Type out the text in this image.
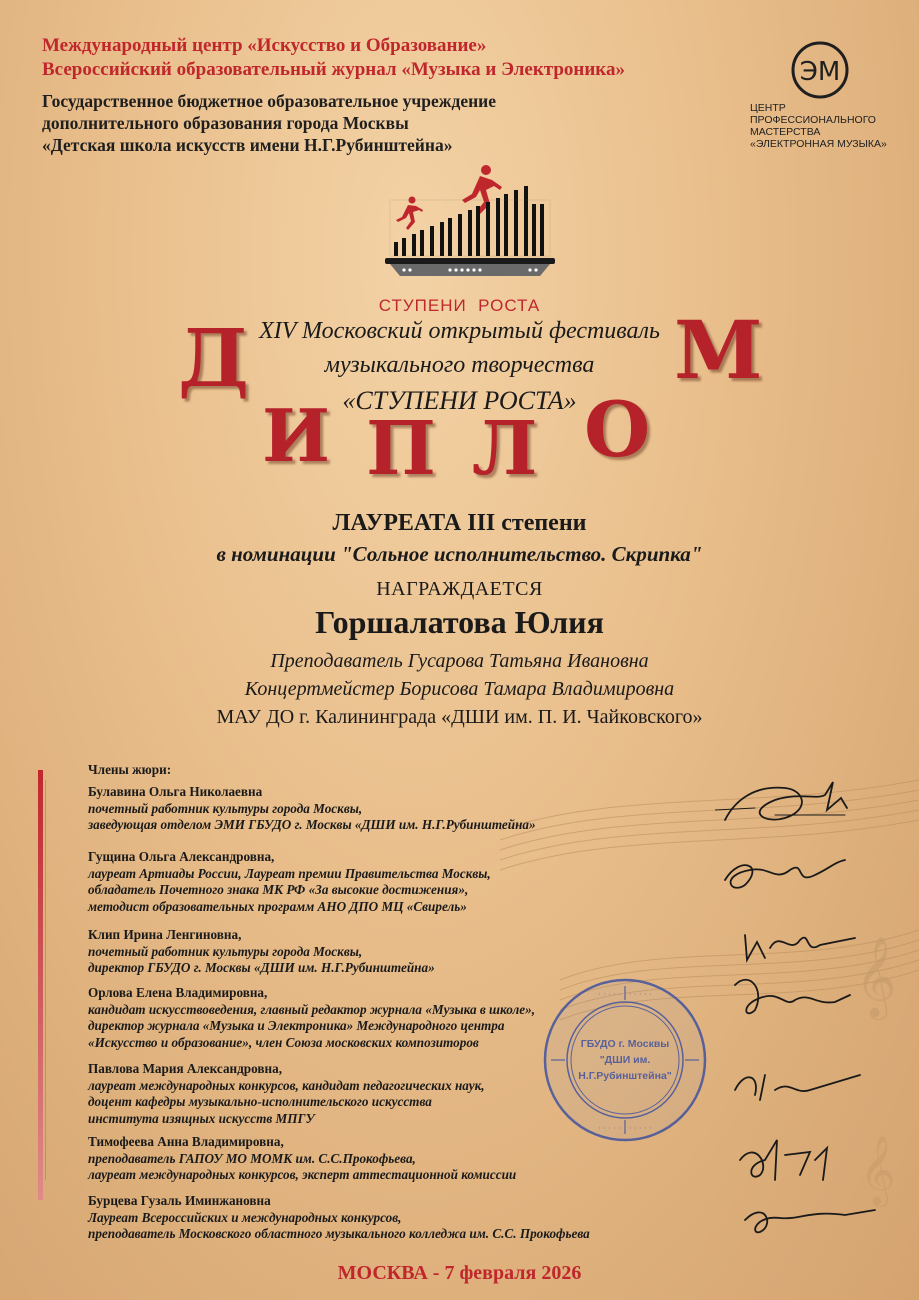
𝄞
𝄞
Международный центр «Искусство и Образование»
Всероссийский образовательный журнал «Музыка и Электроника»
Государственное бюджетное образовательное учреждение
дополнительного образования города Москвы
«Детская школа искусств имени Н.Г.Рубинштейна»
ЭМ
ЦЕНТР
ПРОФЕССИОНАЛЬНОГО
МАСТЕРСТВА
«ЭЛЕКТРОННАЯ МУЗЫКА»
СТУПЕНИ  РОСТА
XIV Московский открытый фестиваль
музыкального творчества
«СТУПЕНИ РОСТА»
Д
И П Л О
М
ЛАУРЕАТА III степени
в номинации "Сольное исполнительство. Скрипка"
НАГРАЖДАЕТСЯ
Горшалатова Юлия
Преподаватель Гусарова Татьяна Ивановна
Концертмейстер Борисова Тамара Владимировна
МАУ ДО г. Калининграда «ДШИ им. П. И. Чайковского»
Члены жюри:
Булавина Ольга Николаевна
почетный работник культуры города Москвы,
заведующая отделом ЭМИ ГБУДО г. Москвы «ДШИ им. Н.Г.Рубинштейна»
Гущина Ольга Александровна,
лауреат Артиады России, Лауреат премии Правительства Москвы,
обладатель Почетного знака МК РФ «За высокие достижения»,
методист образовательных программ АНО ДПО МЦ «Свирель»
Клип Ирина Ленгиновна,
почетный работник культуры города Москвы,
директор ГБУДО г. Москвы «ДШИ им. Н.Г.Рубинштейна»
Орлова Елена Владимировна,
кандидат искусствоведения, главный редактор журнала «Музыка в школе»,
директор журнала «Музыка и Электроника» Международного центра
«Искусство и образование», член Союза московских композиторов
Павлова Мария Александровна,
лауреат международных конкурсов, кандидат педагогических наук,
доцент кафедры музыкально-исполнительского искусства
института изящных искусств МПГУ
Тимофеева Анна Владимировна,
преподаватель ГАПОУ МО МОМК им. С.С.Прокофьева,
лауреат международных конкурсов, эксперт аттестационной комиссии
Бурцева Гузаль Иминжановна
Лауреат Всероссийских и международных конкурсов,
преподаватель Московского областного музыкального колледжа им. С.С. Прокофьева
· · · · · · · · · · ·
· · · · · · · · · · ·
ГБУДО г. Москвы
"ДШИ им.
Н.Г.Рубинштейна"
МОСКВА - 7 февраля 2026
